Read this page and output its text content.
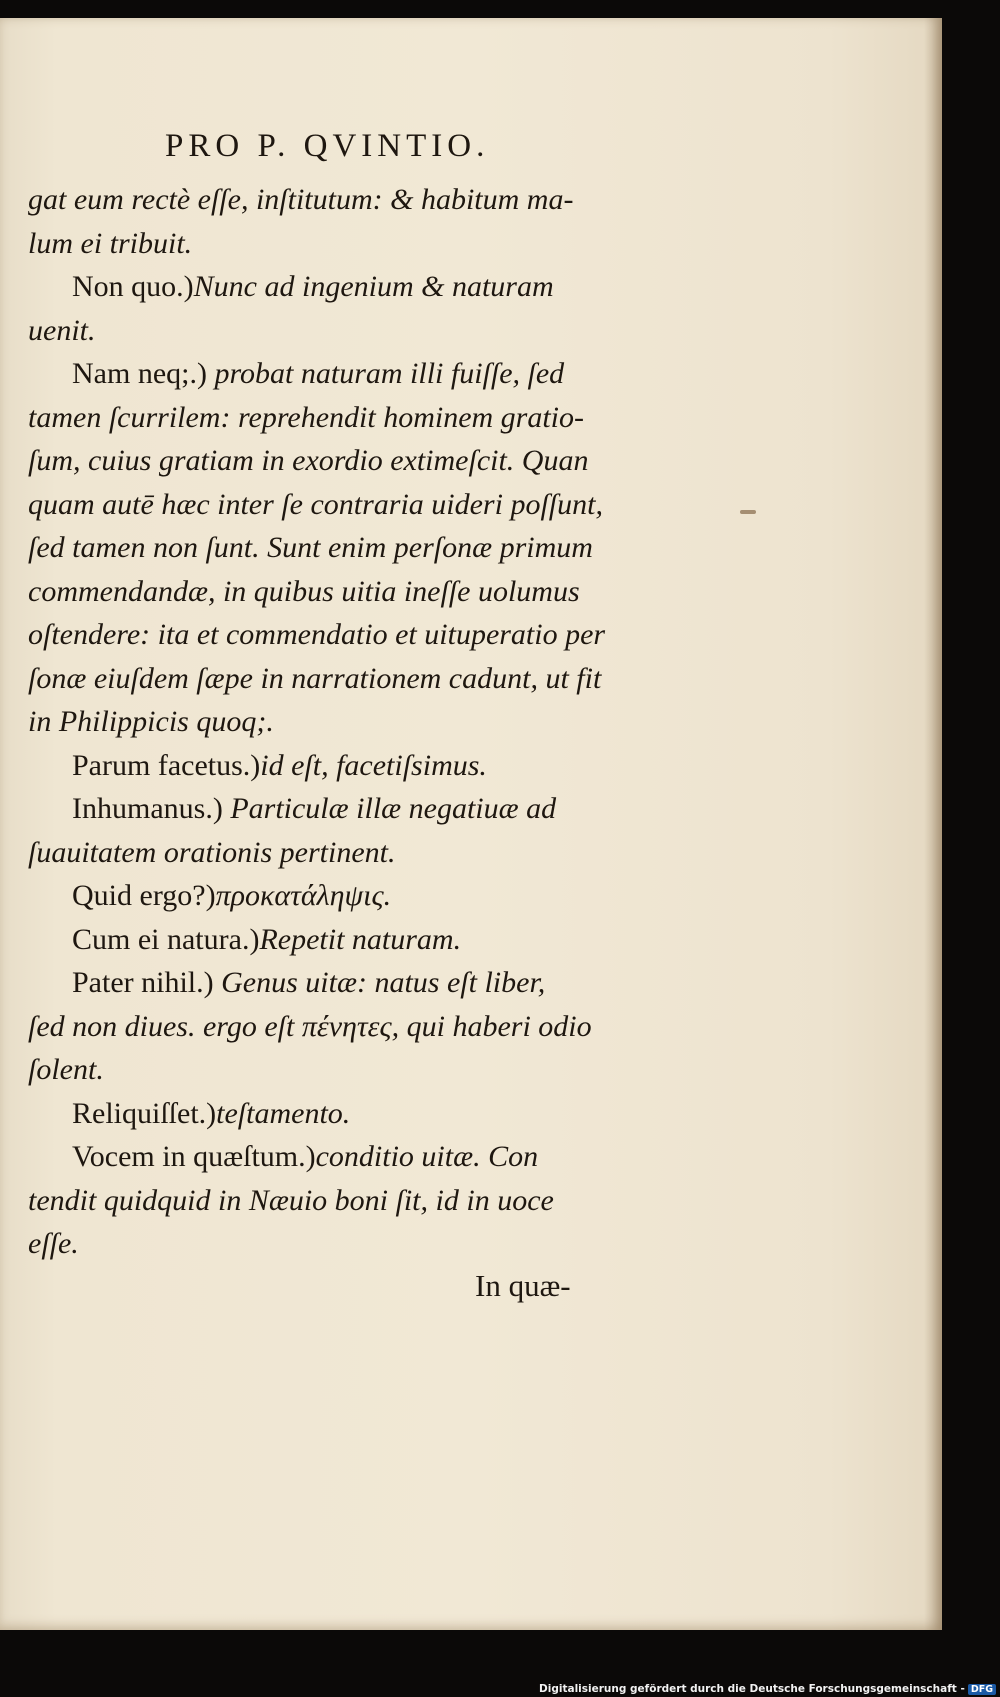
PRO P. QVINTIO.
gat eum rectè eſſe, inſtitutum: & habitum ma-
lum ei tribuit.
Non quo.)Nunc ad ingenium & naturam
uenit.
Nam neq;.) probat naturam illi fuiſſe, ſed
tamen ſcurrilem: reprehendit hominem gratio-
ſum, cuius gratiam in exordio extimeſcit. Quan
quam autē hæc inter ſe contraria uideri poſſunt,
ſed tamen non ſunt. Sunt enim perſonæ primum
commendandæ, in quibus uitia ineſſe uolumus
oſtendere: ita et commendatio et uituperatio per
ſonæ eiuſdem ſæpe in narrationem cadunt, ut fit
in Philippicis quoq;.
Parum facetus.)id eſt, facetiſsimus.
Inhumanus.) Particulæ illæ negatiuæ ad
ſuauitatem orationis pertinent.
Quid ergo?)προκατάληψις.
Cum ei natura.)Repetit naturam.
Pater nihil.) Genus uitæ: natus eſt liber,
ſed non diues. ergo eſt πένητες, qui haberi odio
ſolent.
Reliquiſſet.)teſtamento.
Vocem in quæſtum.)conditio uitæ. Con
tendit quidquid in Næuio boni ſit, id in uoce
eſſe.
In quæ-
Digitalisierung gefördert durch die Deutsche Forschungsgemeinschaft - DFG
